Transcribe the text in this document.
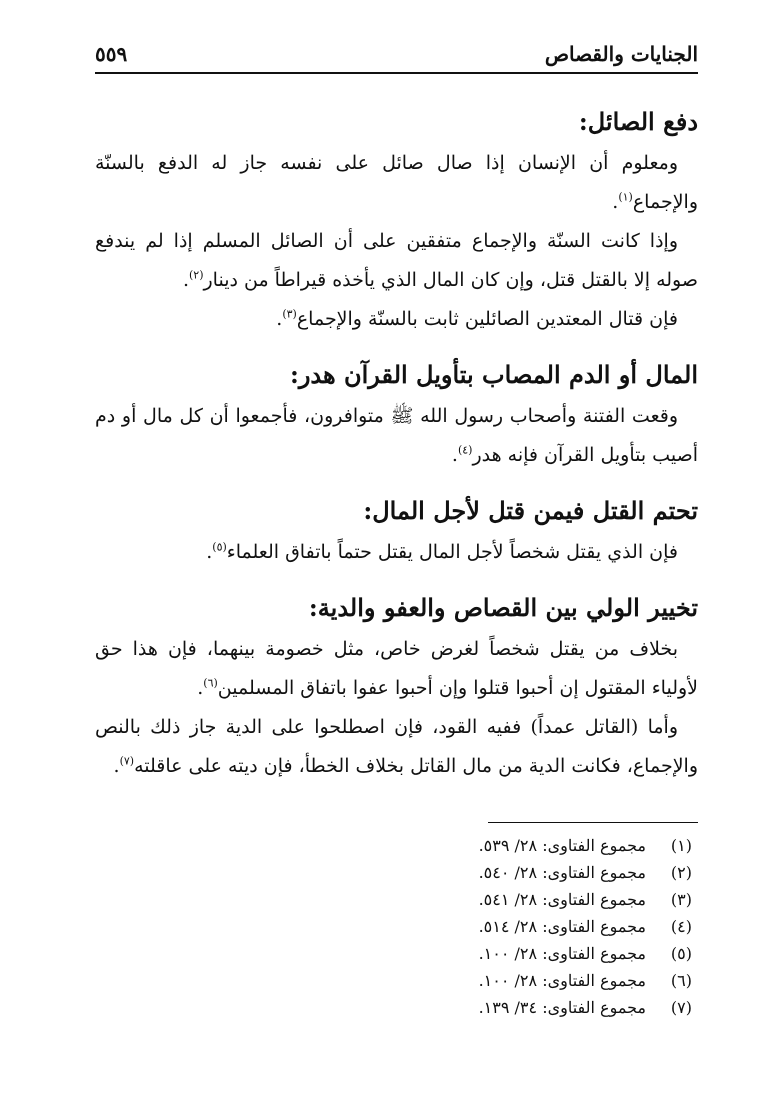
الجنايات والقصاص
٥٥٩
دفع الصائل:

ومعلوم أن الإنسان إذا صال صائل على نفسه جاز له الدفع بالسنّة والإجماع$^{(١)}$.

وإذا كانت السنّة والإجماع متفقين على أن الصائل المسلم إذا لم يندفع صوله إلا بالقتل قتل، وإن كان المال الذي يأخذه قيراطاً من دينار$^{(٢)}$.

فإن قتال المعتدين الصائلين ثابت بالسنّة والإجماع$^{(٣)}$.

المال أو الدم المصاب بتأويل القرآن هدر:

وقعت الفتنة وأصحاب رسول الله ﷺ متوافرون، فأجمعوا أن كل مال أو دم أصيب بتأويل القرآن فإنه هدر$^{(٤)}$.

تحتم القتل فيمن قتل لأجل المال:

فإن الذي يقتل شخصاً لأجل المال يقتل حتماً باتفاق العلماء$^{(٥)}$.

تخيير الولي بين القصاص والعفو والدية:

بخلاف من يقتل شخصاً لغرض خاص، مثل خصومة بينهما، فإن هذا حق لأولياء المقتول إن أحبوا قتلوا وإن أحبوا عفوا باتفاق المسلمين$^{(٦)}$.

وأما (القاتل عمداً) ففيه القود، فإن اصطلحوا على الدية جاز ذلك بالنص والإجماع، فكانت الدية من مال القاتل بخلاف الخطأ، فإن ديته على عاقلته$^{(٧)}$.

(١)مجموع الفتاوى: ٢٨/ ٥٣٩.
(٢)مجموع الفتاوى: ٢٨/ ٥٤٠.
(٣)مجموع الفتاوى: ٢٨/ ٥٤١.
(٤)مجموع الفتاوى: ٢٨/ ٥١٤.
(٥)مجموع الفتاوى: ٢٨/ ١٠٠.
(٦)مجموع الفتاوى: ٢٨/ ١٠٠.
(٧)مجموع الفتاوى: ٣٤/ ١٣٩.
